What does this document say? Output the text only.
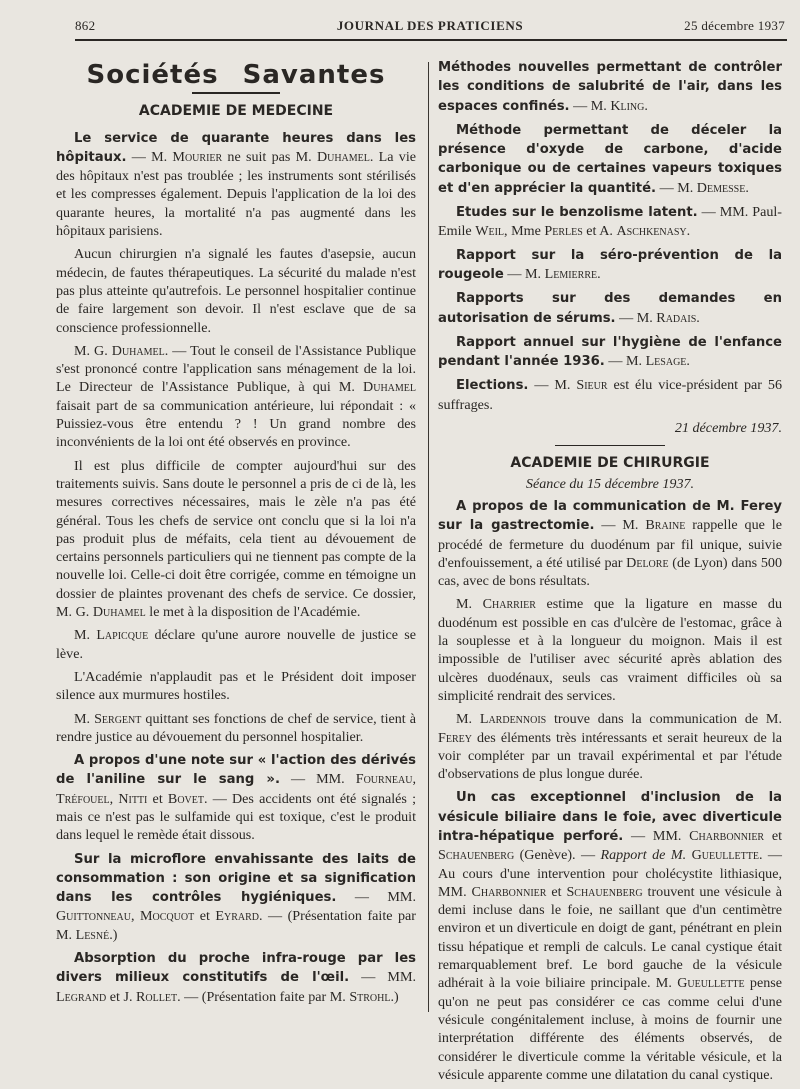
862	JOURNAL DES PRATICIENS	25 décembre 1937
Sociétés Savantes
ACADEMIE DE MEDECINE

Le service de quarante heures dans les hôpitaux. — M. Mourier ne suit pas M. Duhamel. La vie des hôpitaux n'est pas troublée ; les instruments sont stérilisés et les compresses également. Depuis l'application de la loi des quarante heures, la mortalité n'a pas augmenté dans les hôpitaux parisiens.

Aucun chirurgien n'a signalé les fautes d'asepsie, aucun médecin, de fautes thérapeutiques. La sécurité du malade n'est pas plus atteinte qu'autrefois. Le personnel hospitalier continue de faire largement son devoir. Il n'est esclave que de sa conscience professionnelle.

M. G. Duhamel. — Tout le conseil de l'Assistance Publique s'est prononcé contre l'application sans ménagement de la loi. Le Directeur de l'Assistance Publique, à qui M. Duhamel faisait part de sa communication antérieure, lui répondait : « Puissiez-vous être entendu ? ! Un grand nombre des inconvénients de la loi ont été observés en province.

Il est plus difficile de compter aujourd'hui sur des traitements suivis. Sans doute le personnel a pris de ci de là, les mesures correctives nécessaires, mais le zèle n'a pas été général. Tous les chefs de service ont conclu que si la loi n'a pas produit plus de méfaits, cela tient au dévouement de certains personnels particuliers qui ne tiennent pas compte de la nouvelle loi. Celle-ci doit être corrigée, comme en témoigne un dossier de plaintes provenant des chefs de service. Ce dossier, M. G. Duhamel le met à la disposition de l'Académie.

M. Lapicque déclare qu'une aurore nouvelle de justice se lève.

L'Académie n'applaudit pas et le Président doit imposer silence aux murmures hostiles.

M. Sergent quittant ses fonctions de chef de service, tient à rendre justice au dévouement du personnel hospitalier.

A propos d'une note sur « l'action des dérivés de l'aniline sur le sang ». — MM. Fourneau, Tréfouel, Nitti et Bovet. — Des accidents ont été signalés ; mais ce n'est pas le sulfamide qui est toxique, c'est le produit dans lequel le remède était dissous.

Sur la microflore envahissante des laits de consommation : son origine et sa signification dans les contrôles hygiéniques. — MM. Guittonneau, Mocquot et Eyrard. — (Présentation faite par M. Lesné.)

Absorption du proche infra-rouge par les divers milieux constitutifs de l'œil. — MM. Legrand et J. Rollet. — (Présentation faite par M. Strohl.)

Méthodes nouvelles permettant de contrôler les conditions de salubrité de l'air, dans les espaces confinés. — M. Kling.

Méthode permettant de déceler la présence d'oxyde de carbone, d'acide carbonique ou de certaines vapeurs toxiques et d'en apprécier la quantité. — M. Demesse.

Etudes sur le benzolisme latent. — MM. Paul-Emile Weil, Mme Perles et A. Aschkenasy.

Rapport sur la séro-prévention de la rougeole — M. Lemierre.

Rapports sur des demandes en autorisation de sérums. — M. Radais.

Rapport annuel sur l'hygiène de l'enfance pendant l'année 1936. — M. Lesage.

Elections. — M. Sieur est élu vice-président par 56 suffrages.

21 décembre 1937.

ACADEMIE DE CHIRURGIE
Séance du 15 décembre 1937.

A propos de la communication de M. Ferey sur la gastrectomie. — M. Braine rappelle que le procédé de fermeture du duodénum par fil unique, suivie d'enfouissement, a été utilisé par Delore (de Lyon) dans 500 cas, avec de bons résultats.

M. Charrier estime que la ligature en masse du duodénum est possible en cas d'ulcère de l'estomac, grâce à la souplesse et à la longueur du moignon. Mais il est impossible de l'utiliser avec sécurité après ablation des ulcères duodénaux, seuls cas vraiment difficiles où sa simplicité rendrait des services.

M. Lardennois trouve dans la communication de M. Ferey des éléments très intéressants et serait heureux de la voir compléter par un travail expérimental et par l'étude d'observations de plus longue durée.

Un cas exceptionnel d'inclusion de la vésicule biliaire dans le foie, avec diverticule intra-hépatique perforé. — MM. Charbonnier et Schauenberg (Genève). — Rapport de M. Gueullette. — Au cours d'une intervention pour cholécystite lithiasique, MM. Charbonnier et Schauenberg trouvent une vésicule à demi incluse dans le foie, ne saillant que d'un centimètre environ et un diverticule en doigt de gant, pénétrant en plein tissu hépatique et rempli de calculs. Le canal cystique était remarquablement bref. Le bord gauche de la vésicule adhérait à la voie biliaire principale. M. Gueullette pense qu'on ne peut pas considérer ce cas comme celui d'une vésicule congénitalement incluse, à moins de fournir une interprétation différente des éléments observés, de considérer le diverticule comme la véritable vésicule, et la vésicule apparente comme une dilatation du canal cystique.
